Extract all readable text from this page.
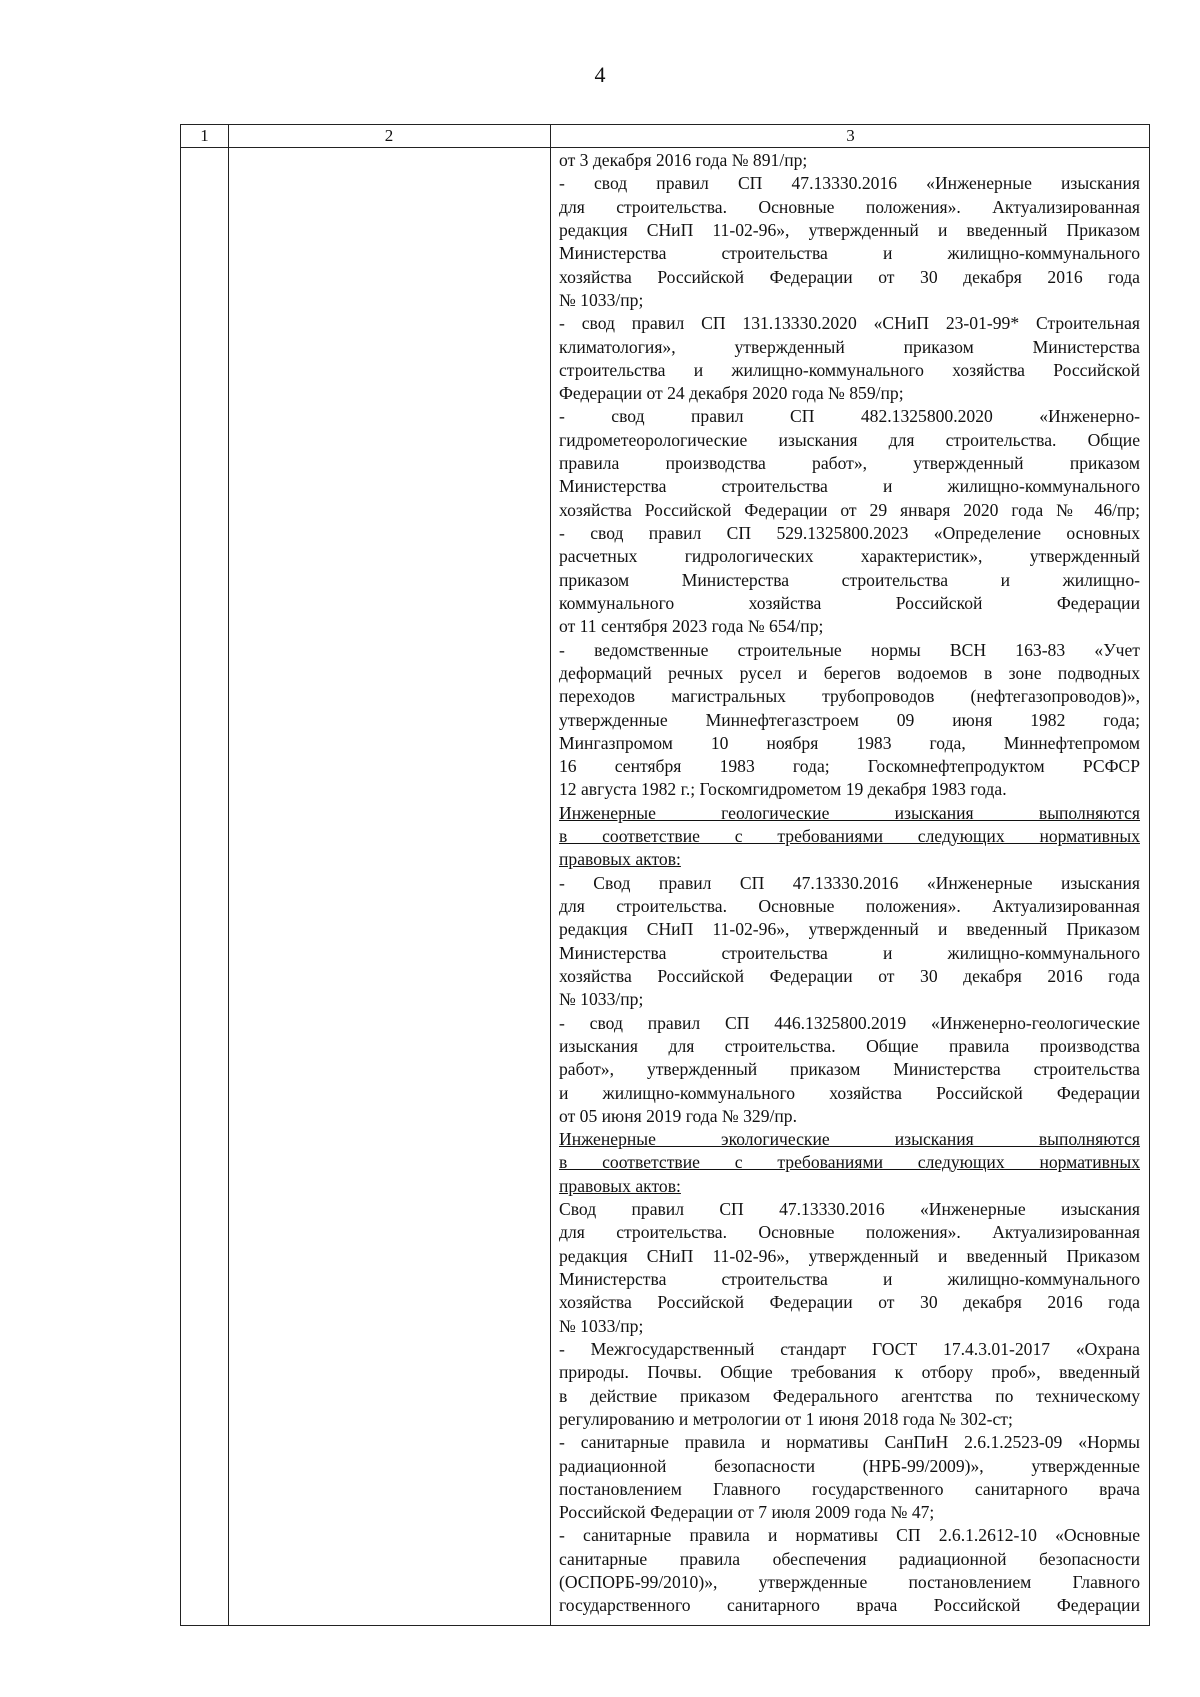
4
1	2	3
от 3 декабря 2016 года № 891/пр;
- свод правил СП 47.13330.2016 «Инженерные изыскания
для строительства. Основные положения». Актуализированная
редакция СНиП 11-02-96», утвержденный и введенный Приказом
Министерства строительства и жилищно-коммунального
хозяйства Российской Федерации от 30 декабря 2016 года
№ 1033/пр;
- свод правил СП 131.13330.2020 «СНиП 23-01-99* Строительная
климатология», утвержденный приказом Министерства
строительства и жилищно-коммунального хозяйства Российской
Федерации от 24 декабря 2020 года № 859/пр;
- свод правил СП 482.1325800.2020 «Инженерно-
гидрометеорологические изыскания для строительства. Общие
правила производства работ», утвержденный приказом
Министерства строительства и жилищно-коммунального
хозяйства Российской Федерации от 29 января 2020 года № 46/пр;
- свод правил СП 529.1325800.2023 «Определение основных
расчетных гидрологических характеристик», утвержденный
приказом Министерства строительства и жилищно-
коммунального хозяйства Российской Федерации
от 11 сентября 2023 года № 654/пр;
- ведомственные строительные нормы ВСН 163-83 «Учет
деформаций речных русел и берегов водоемов в зоне подводных
переходов магистральных трубопроводов (нефтегазопроводов)»,
утвержденные Миннефтегазстроем 09 июня 1982 года;
Мингазпромом 10 ноября 1983 года, Миннефтепромом
16 сентября 1983 года; Госкомнефтепродуктом РСФСР
12 августа 1982 г.; Госкомгидрометом 19 декабря 1983 года.
Инженерные геологические изыскания выполняются
в соответствие с требованиями следующих нормативных
правовых актов:
- Свод правил СП 47.13330.2016 «Инженерные изыскания
для строительства. Основные положения». Актуализированная
редакция СНиП 11-02-96», утвержденный и введенный Приказом
Министерства строительства и жилищно-коммунального
хозяйства Российской Федерации от 30 декабря 2016 года
№ 1033/пр;
- свод правил СП 446.1325800.2019 «Инженерно-геологические
изыскания для строительства. Общие правила производства
работ», утвержденный приказом Министерства строительства
и жилищно-коммунального хозяйства Российской Федерации
от 05 июня 2019 года № 329/пр.
Инженерные экологические изыскания выполняются
в соответствие с требованиями следующих нормативных
правовых актов:
Свод правил СП 47.13330.2016 «Инженерные изыскания
для строительства. Основные положения». Актуализированная
редакция СНиП 11-02-96», утвержденный и введенный Приказом
Министерства строительства и жилищно-коммунального
хозяйства Российской Федерации от 30 декабря 2016 года
№ 1033/пр;
- Межгосударственный стандарт ГОСТ 17.4.3.01-2017 «Охрана
природы. Почвы. Общие требования к отбору проб», введенный
в действие приказом Федерального агентства по техническому
регулированию и метрологии от 1 июня 2018 года № 302-ст;
- санитарные правила и нормативы СанПиН 2.6.1.2523-09 «Нормы
радиационной безопасности (НРБ-99/2009)», утвержденные
постановлением Главного государственного санитарного врача
Российской Федерации от 7 июля 2009 года № 47;
- санитарные правила и нормативы СП 2.6.1.2612-10 «Основные
санитарные правила обеспечения радиационной безопасности
(ОСПОРБ-99/2010)», утвержденные постановлением Главного
государственного санитарного врача Российской Федерации
